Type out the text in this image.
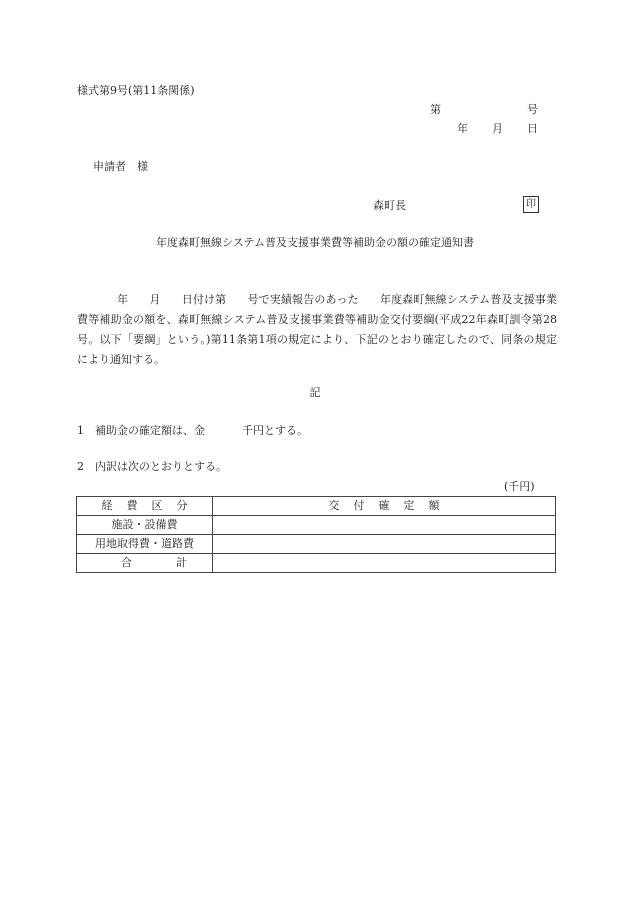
様式第9号(第11条関係)
第	号
年 月 日
申請者 様
森町長	印
年度森町無線システム普及支援事業費等補助金の額の確定通知書
年 月 日付け第 号で実績報告のあった 年度森町無線システム普及支援事業費等補助金の額を、森町無線システム普及支援事業費等補助金交付要綱(平成22年森町訓令第28号。以下「要綱」という。)第11条第1項の規定により、下記のとおり確定したので、同条の規定により通知する。
記
1 補助金の確定額は、金	千円とする。
2 内訳は次のとおりとする。
(千円)
経費区分	交付確定額
施設・設備費	
用地取得費・道路費	
合計	
